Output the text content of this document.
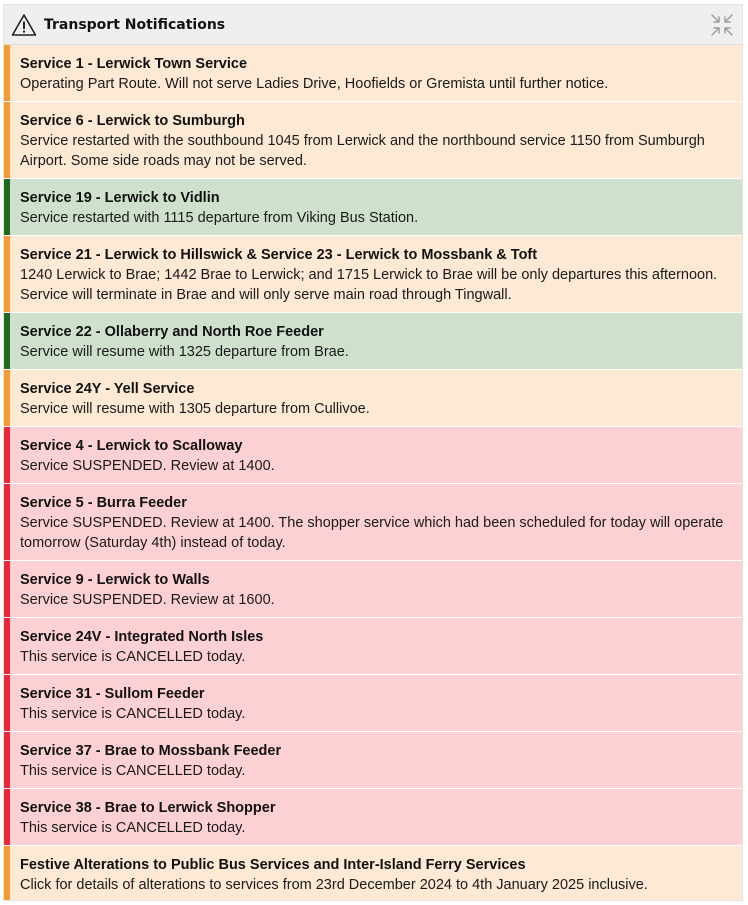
Transport Notifications
Service 1 - Lerwick Town Service
Operating Part Route. Will not serve Ladies Drive, Hoofields or Gremista until further notice.
Service 6 - Lerwick to Sumburgh
Service restarted with the southbound 1045 from Lerwick and the northbound service 1150 from Sumburgh Airport. Some side roads may not be served.
Service 19 - Lerwick to Vidlin
Service restarted with 1115 departure from Viking Bus Station.
Service 21 - Lerwick to Hillswick & Service 23 - Lerwick to Mossbank & Toft
1240 Lerwick to Brae; 1442 Brae to Lerwick; and 1715 Lerwick to Brae will be only departures this afternoon. Service will terminate in Brae and will only serve main road through Tingwall.
Service 22 - Ollaberry and North Roe Feeder
Service will resume with 1325 departure from Brae.
Service 24Y - Yell Service
Service will resume with 1305 departure from Cullivoe.
Service 4 - Lerwick to Scalloway
Service SUSPENDED. Review at 1400.
Service 5 - Burra Feeder
Service SUSPENDED. Review at 1400. The shopper service which had been scheduled for today will operate tomorrow (Saturday 4th) instead of today.
Service 9 - Lerwick to Walls
Service SUSPENDED. Review at 1600.
Service 24V - Integrated North Isles
This service is CANCELLED today.
Service 31 - Sullom Feeder
This service is CANCELLED today.
Service 37 - Brae to Mossbank Feeder
This service is CANCELLED today.
Service 38 - Brae to Lerwick Shopper
This service is CANCELLED today.
Festive Alterations to Public Bus Services and Inter-Island Ferry Services
Click for details of alterations to services from 23rd December 2024 to 4th January 2025 inclusive.
